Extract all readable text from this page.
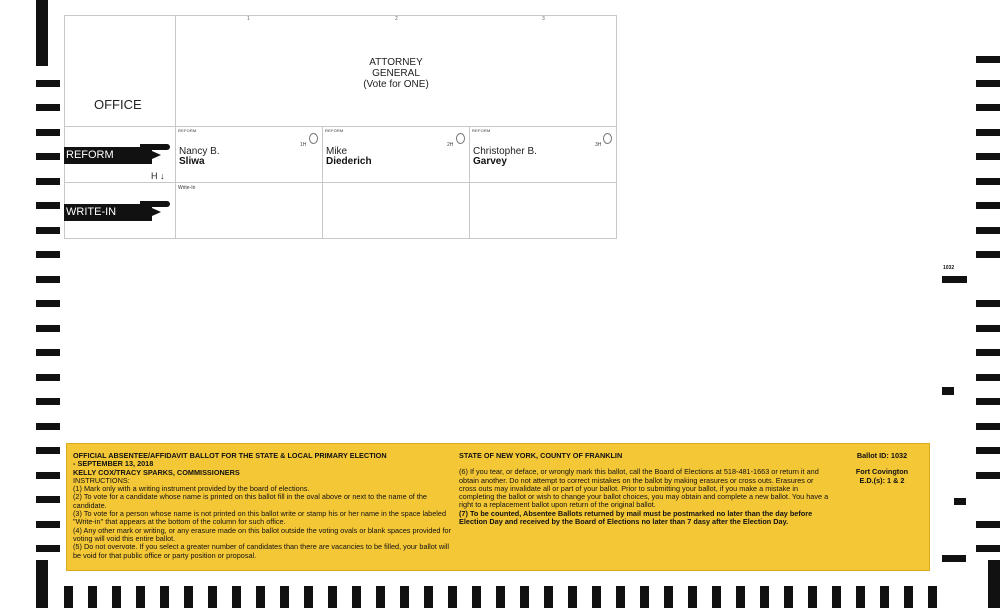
1	2	3
ATTORNEY
GENERAL
(Vote for ONE)
OFFICE
REFORM
H ↓
REFORM
1H
Nancy B.
Sliwa
REFORM
2H
Mike
Diederich
REFORM
3H
Christopher B.
Garvey
WRITE-IN
Write-In
1032
OFFICIAL ABSENTEE/AFFIDAVIT BALLOT FOR THE STATE & LOCAL PRIMARY ELECTION
- SEPTEMBER 13, 2018
KELLY COX/TRACY SPARKS, COMMISSIONERS
INSTRUCTIONS:
(1) Mark only with a writing instrument provided by the board of elections.
(2) To vote for a candidate whose name is printed on this ballot fill in the oval above or next to the name of the candidate.
(3) To vote for a person whose name is not printed on this ballot write or stamp his or her name in the space labeled "Write-in" that appears at the bottom of the column for such office.
(4) Any other mark or writing, or any erasure made on this ballot outside the voting ovals or blank spaces provided for voting will void this entire ballot.
(5) Do not overvote. If you select a greater number of candidates than there are vacancies to be filled, your ballot will be void for that public office or party position or proposal.
STATE OF NEW YORK, COUNTY OF FRANKLIN
(6) If you tear, or deface, or wrongly mark this ballot, call the Board of Elections at 518-481-1663 or return it and obtain another. Do not attempt to correct mistakes on the ballot by making erasures or cross outs. Erasures or cross outs may invalidate all or part of your ballot. Prior to submitting your ballot, if you make a mistake in completing the ballot or wish to change your ballot choices, you may obtain and complete a new ballot. You have a right to a replacement ballot upon return of the original ballot.
(7) To be counted, Absentee Ballots returned by mail must be postmarked no later than the day before Election Day and received by the Board of Elections no later than 7 dasy after the Election Day.
Ballot ID: 1032
Fort Covington
E.D.(s): 1 & 2
